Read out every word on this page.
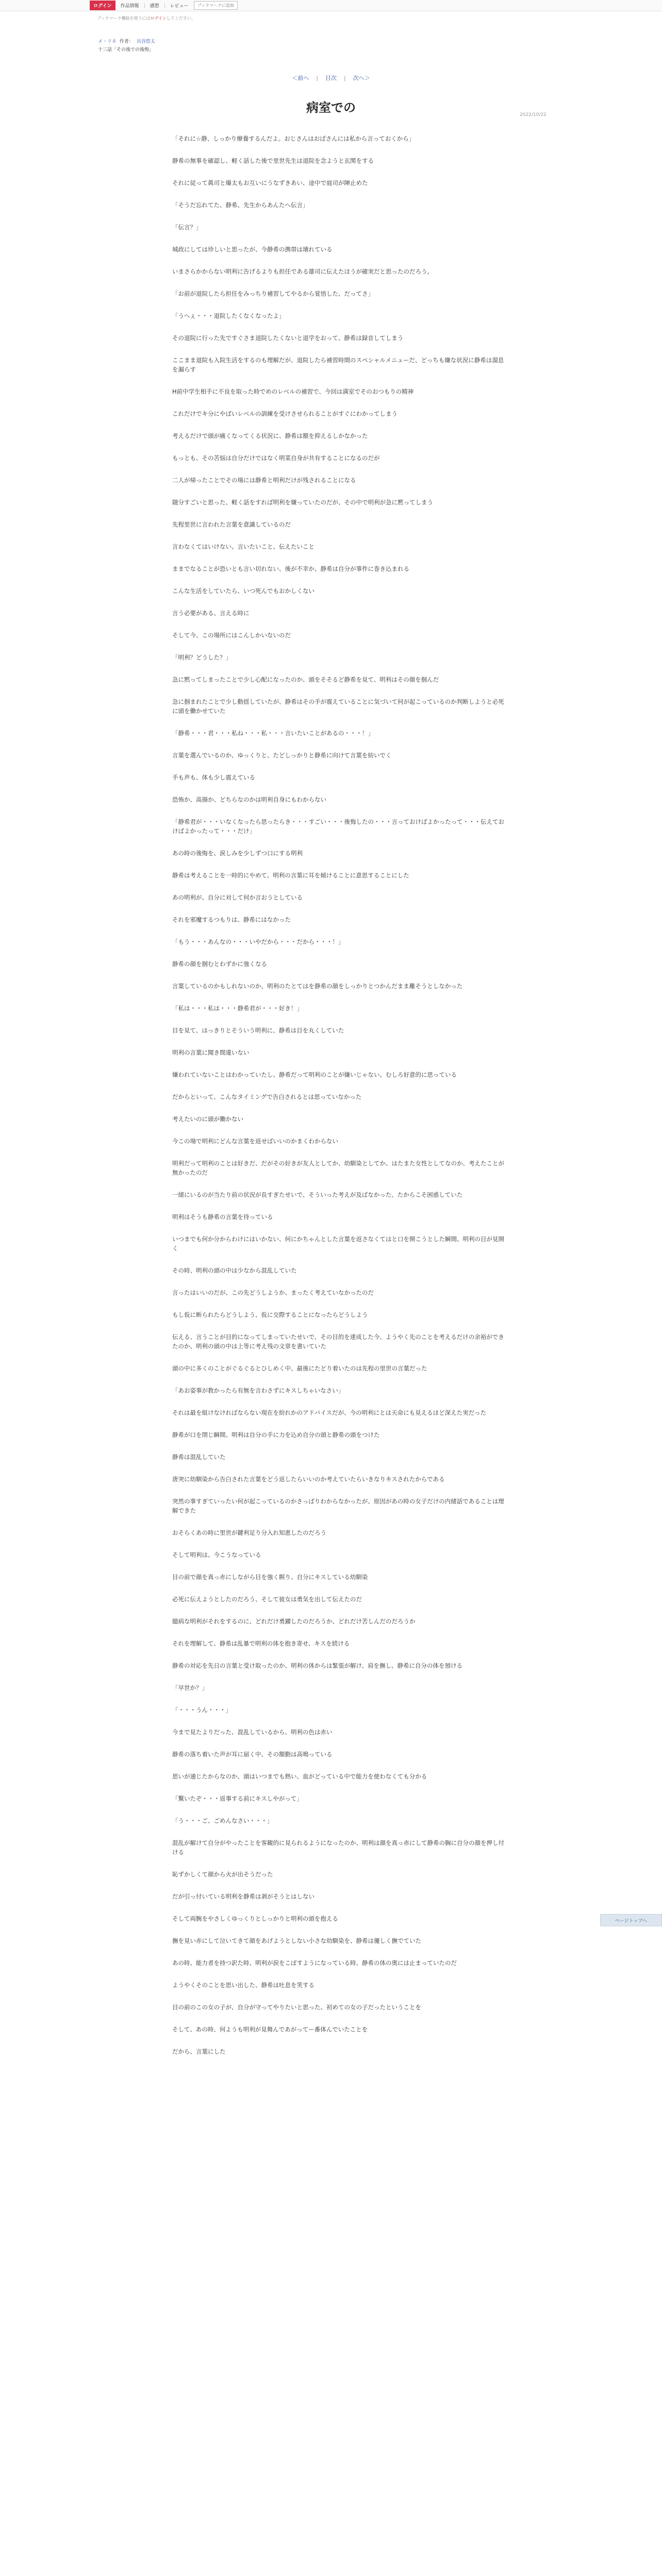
ログイン	作品情報	感想	レビュー	ブックマークに追加
ブックマーク機能を使うにはログインしてください。
メ・リネ 作者： 出谷悠太
十三話「その後での後悔」
＜前へ | 目次 | 次へ＞
2022/10/22
病室での

「それに☆静、しっかり療養するんだよ。おじさんはおばさんには私から言っておくから」

静希の無事を確認し、軽く話した後で里世先生は退院を念ようと玄関をする

それに従って眞司と爆太もお互いにうなずきあい、途中で庭司が陣止めた

「そうだ忘れてた、静希、先生からあんたへ伝言」

「伝言？」

城政にしては珍しいと思ったが、今静希の携帯は壊れている

いまさらかからない明利に告げるよりも担任である雄司に伝えたほうが確実だと思ったのだろう。

「お前が退院したら担任をみっちり補習してやるから覚悟した、だってさ」

「うへぇ・・・退院したくなくなったよ」

その退院に行った先ですぐさま退院したくないと退学をおって、静希は録音してしまう

ここまま退院も入院生活をするのも理解だが、退院したら補習時間のスペシャルメニューだ、どっちも嫌な状況に静希は溜息を漏らす

H前中学生相手に不良を取った時でめのレベルの補習で、今回は満室でそのおつもりの精神

これだけでキ分にやばいレベルの訓練を受けさせられることがすぐにわかってしまう

考えるだけで頭が痛くなってくる状況に、静希は額を抑えるしかなかった

もっとも、その苦悩は自分だけではなく明菜自身が共有することになるのだが

二人が帰ったことでその場には静希と明利だけが残されることになる

随分すごいと思った、軽く話をすれば明利を嫌っていたのだが、その中で明利が急に黙ってしまう

先程里世に言われた言葉を意識しているのだ

言わなくてはいけない、言いたいこと、伝えたいこと

ままでなることが恐いとも言い切れない、後が不幸か、静希は自分が事件に巻き込まれる

こんな生活をしていたら、いつ死んでもおかしくない

言う必要がある、言える時に

そして今、この場所にはこんしかいないのだ

「明利？どうした？」

急に黙ってしまったことで少し心配になったのか、頭をそそるど静希を見て、明利はその顔を掴んだ

急に掴まれたことで少し動揺していたが、静希はその手が震えていることに気づいて何が起こっているのか判断しようと必死に頭を働かせていた

「静希・・・君・・・私ね・・・私・・・言いたいことがあるの・・・！」

言葉を選んでいるのか、ゆっくりと、たどしっかりと静希に向けて言葉を紡いでく

手も声も、体も少し震えている

恐怖か、高揚か、どちらなのかは明利自身にもわからない

「静希君が・・・いなくなったら思ったらき・・・すごい・・・後悔したの・・・言っておけばよかったって・・・伝えておけばよかったって・・・だけ」

あの時の後悔を、涙しみを少しずつ口にする明利

静希は考えることを一時的にやめて、明利の言葉に耳を傾けることに意思することにした

あの明利が、自分に対して何か言おうとしている

それを邪魔するつもりは、静希にはなかった

「もう・・・あんなの・・・いやだから・・・だから・・・！」

静希の顔を掴むとわずかに強くなる

言葉しているのかもしれないのか、明利のたとてはを静希の顔をしっかりとつかんだまま離そうとしなかった

「私は・・・私は・・・静希君が・・・好き！」

目を見て、はっきりとそういう明利に、静希は目を丸くしていた

明利の言葉に聞き間違いない

嫌われていないことはわかっていたし、静希だって明利のことが嫌いじゃない。むしろ好意的に思っている

だからといって、こんなタイミングで告白されるとは思っていなかった

考えたいのに頭が働かない

今この場で明利にどんな言葉を返せばいいのかまくわからない

明利だって明利のことは好きだ、だがその好きが友人としてか、幼馴染としてか、はたまた女性としてなのか、考えたことが無かったのだ

一緒にいるのが当たり前の状況が長すぎたせいで、そういった考えが及ばなかった、たからこそ困惑していた

明利はそうも静希の言葉を待っている

いつまでも何か分からわけにはいかない、何にかちゃんとした言葉を返さなくてはと口を開こうとした瞬間、明利の目が見開く

その時、明利の頭の中は少なから混乱していた

言ったはいいのだが、この先どうしようか、まったく考えていなかったのだ

もし仮に断られたらどうしよう、仮に交際することになったらどうしよう

伝える、言うことが目的になってしまっていたせいで、その目的を達成した今、ようやく先のことを考えるだけの余裕ができたのか、明利の頭の中は上等に考え残の文章を書いていた

頭の中に多くのことがぐるぐるとひしめく中、最後にたどり着いたのは先程の里世の言葉だった

「あお姿事が教かったら有無を言わさずにキスしちゃいなさい」

それは最を組けなければならない現在を紛れかのアドバイスだが、今の明利にとは天命にも見えるほど深えた実だった

静希が口を閉じ瞬間、明利は自分の手に力を込め自分の頭と静希の頭をつけた

静希は混乱していた

唐突に幼馴染から告白された言葉をどう返したらいいのか考えていたらいきなりキスされたからである

突然の事すぎていったい何が起こっているのかさっぱりわからなかったが、原因があの時の女子だけの内緒話であることは理解できた

おそらくあの時に里世が鍵利足り分入れ知恵したのだろう

そして明利は、今こうなっている

目の前で顔を真っ赤にしながら目を強く瞑り、自分にキスしている幼馴染

必死に伝えようとしたのだろう、そして彼女は勇気を出して伝えたのだ

臆病な明利がそれをするのに、どれだけ勇躍したのだろうか、どれだけ苦しんだのだろうか

それを理解して、静希は乱暴で明利の体を抱き寄せ、キスを続ける

静希の対応を先日の言葉と受け取ったのか、明利の体からは緊張が解け、肩を撫し、静希に自分の体を預ける

「早世か？」

「・・・うん・・・」

今まで見たよりだった、混乱しているから、明利の色は赤い

静希の落ち着いた声が耳に届く中、その額動は高鳴っている

思いが通じたからなのか、頭はいつまでも熱い、血がどっている中で能力を使わなくても分かる

「驚いたぞ・・・返事する前にキスしやがって」

「う・・・ご、ごめんなさい・・・」

混乱が解けて自分がやったことを客観的に見られるようになったのか、明利は顔を真っ赤にして静希の胸に自分の顔を押し付ける

恥ずかしくて顔から火が出そうだった

だが引っ付いている明利を静希は剥がそうとはしない

そして両腕をやさしくゆっくりとしっかりと明利の頭を抱える

撫を見い赤にして泣いてきて顔をあげようとしない小さな幼馴染を、静希は優しく撫でていた

あの時、能力者を持つ訳た時、明利が涙をこぼすようになっている時、静希の体の奥には止まっていたのだ

ようやくそのことを思い出した、静希は吐息を笑する

目の前のこの女の子が、自分が守ってやりたいと思った、初めての女の子だったということを

そして、あの時、何ようも明利が見舞んであがってー番体んでいたことを

だから、言葉にした

ページトップへ
